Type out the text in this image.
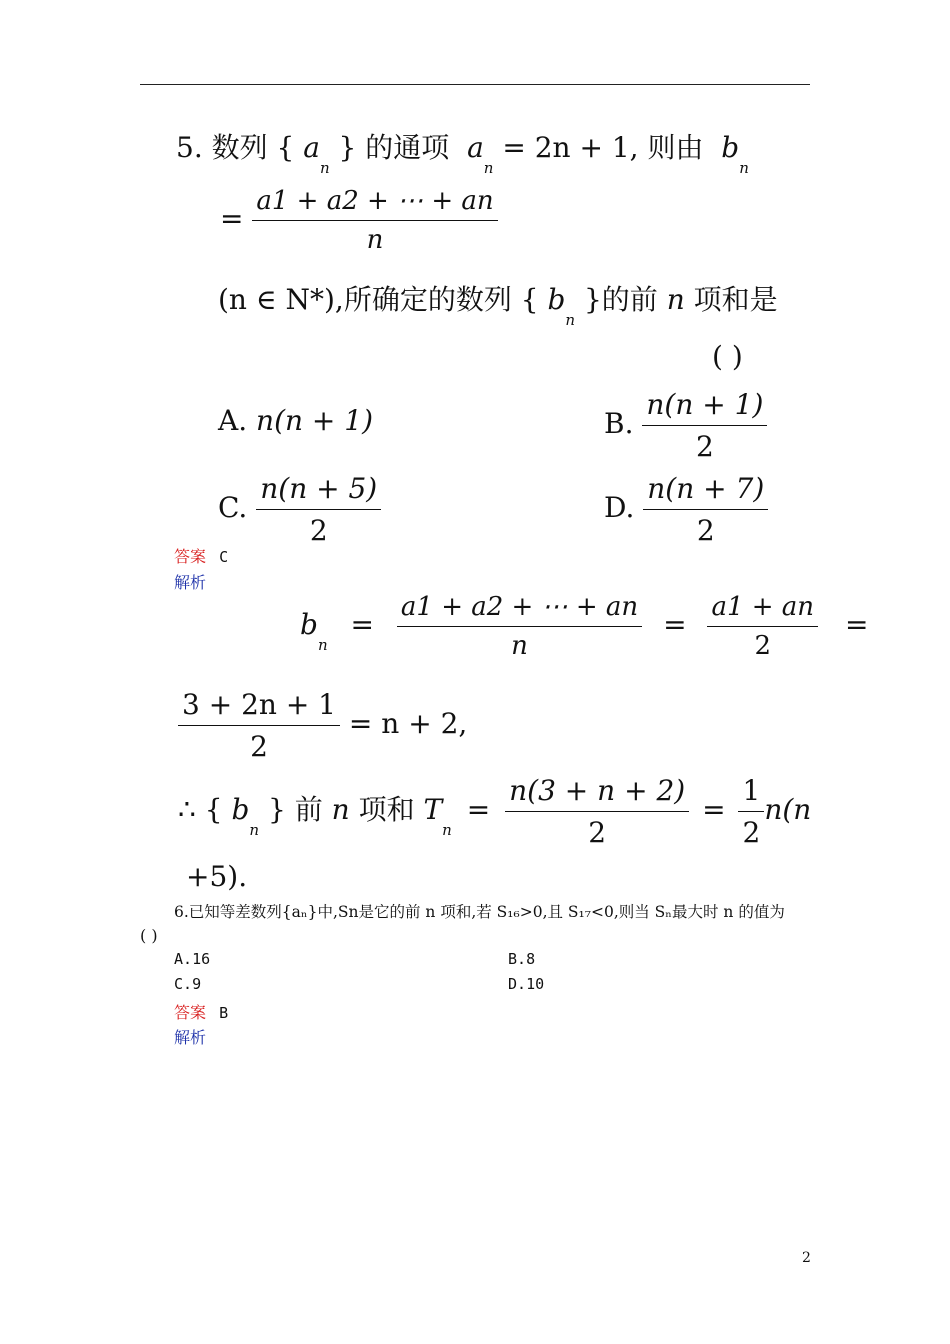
5. 数列 { $a_n$ } 的通项  $a_n = 2n + 1$, 则由  $b_n$
= $\frac{a1 + a2 + \cdots + an}{n}$
(n ∈ N*),所确定的数列 { $b_n$ }的前 n 项和是
( )
A. n(n + 1)	B. $\frac{n(n + 1)}{2}$
C. $\frac{n(n + 5)}{2}$	D. $\frac{n(n + 7)}{2}$
答案 C
解析
$b_n = \frac{a1 + a2 + \cdots + an}{n} = \frac{a1 + an}{2}$ =
$\frac{3 + 2n + 1}{2} = n + 2$,
∴ { $b_n$ } 前 n 项和 $T_n = \frac{n(3 + n + 2)}{2} = \frac{1}{2} n(n$
+5).
6.已知等差数列{aₙ}中,Sn是它的前 n 项和,若 S₁₆>0,且 S₁₇<0,则当 Sₙ最大时 n 的值为
( )
A.16	B.8
C.9	D.10
答案 B
解析
2
